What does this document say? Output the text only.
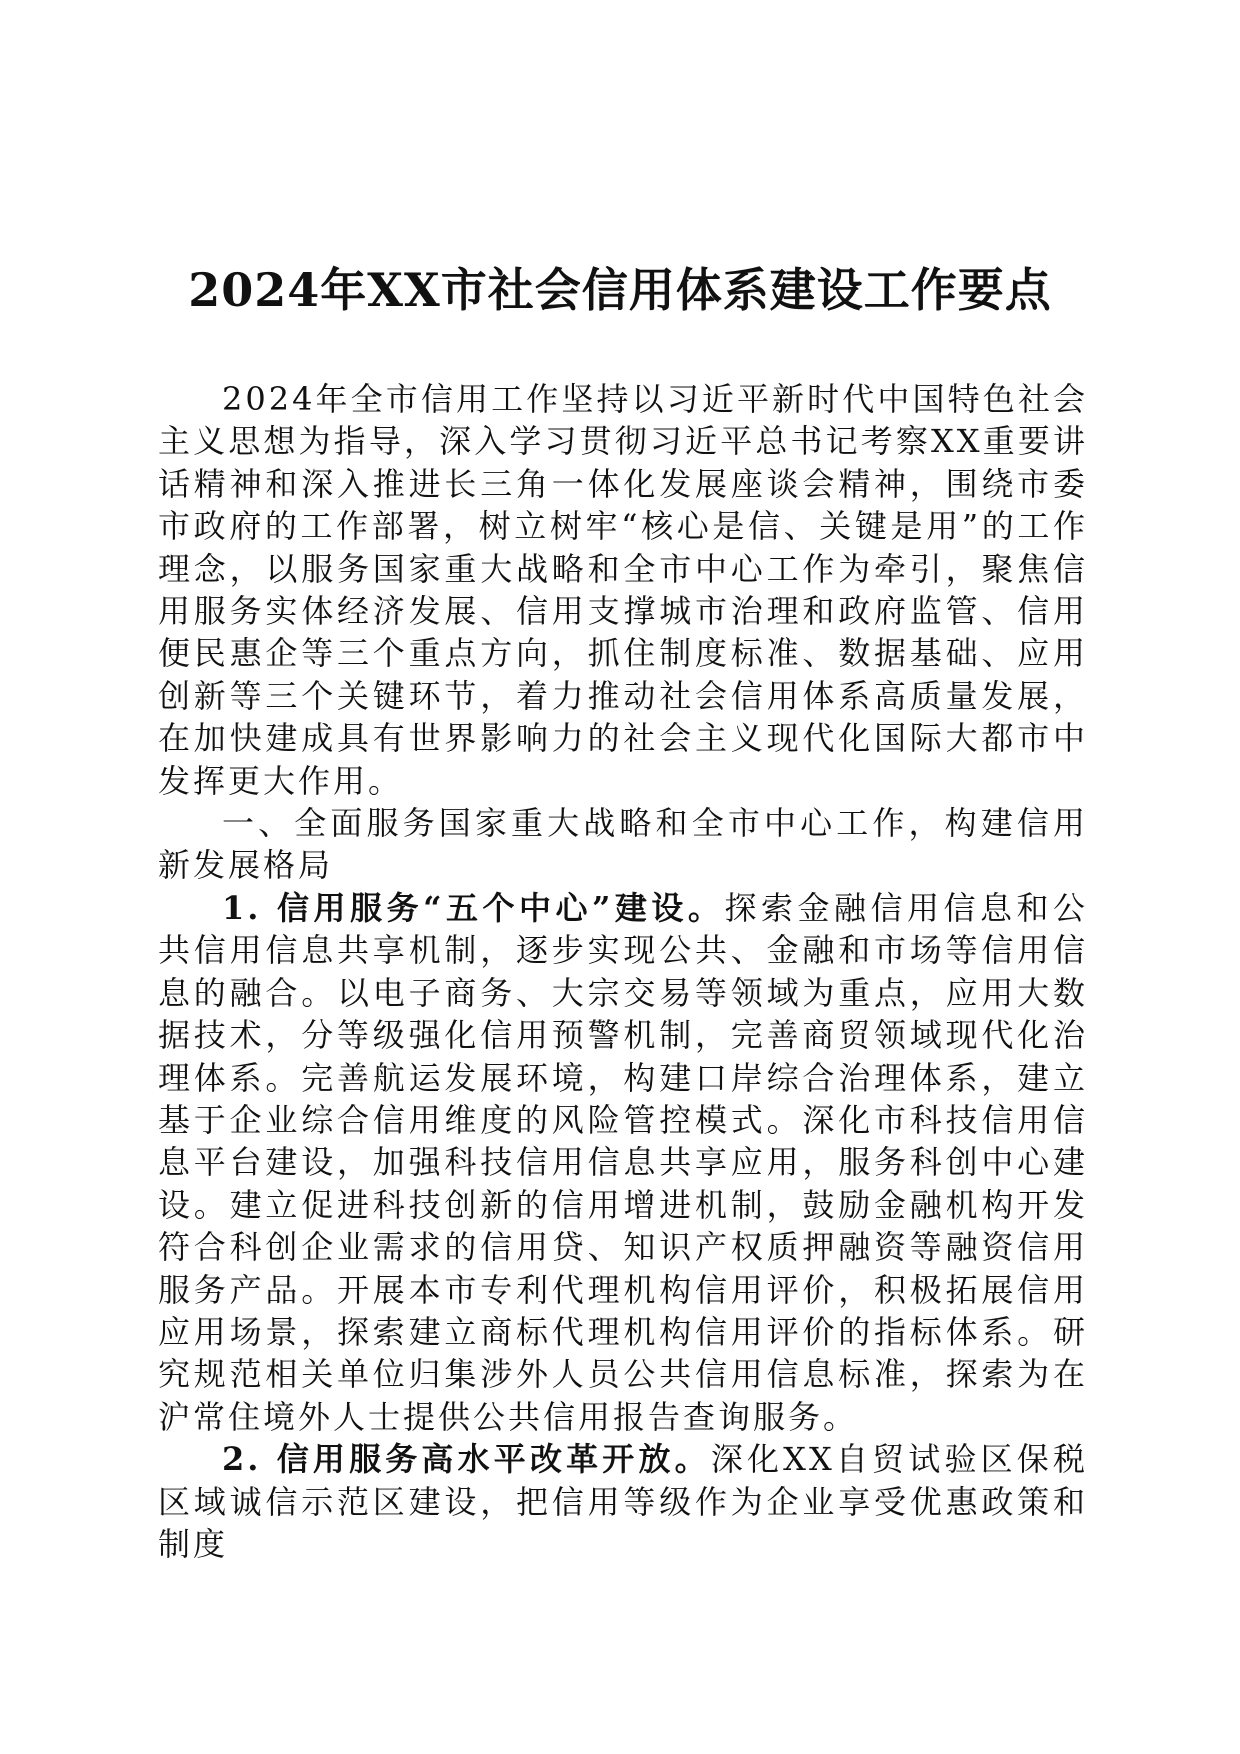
2024年XX市社会信用体系建设工作要点

2024年全市信用工作坚持以习近平新时代中国特色社会主义思想为指导，深入学习贯彻习近平总书记考察XX重要讲话精神和深入推进长三角一体化发展座谈会精神，围绕市委市政府的工作部署，树立树牢“核心是信、关键是用”的工作理念，以服务国家重大战略和全市中心工作为牵引，聚焦信用服务实体经济发展、信用支撑城市治理和政府监管、信用便民惠企等三个重点方向，抓住制度标准、数据基础、应用创新等三个关键环节，着力推动社会信用体系高质量发展，在加快建成具有世界影响力的社会主义现代化国际大都市中发挥更大作用。

一、全面服务国家重大战略和全市中心工作，构建信用新发展格局

1. 信用服务“五个中心”建设。探索金融信用信息和公共信用信息共享机制，逐步实现公共、金融和市场等信用信息的融合。以电子商务、大宗交易等领域为重点，应用大数据技术，分等级强化信用预警机制，完善商贸领域现代化治理体系。完善航运发展环境，构建口岸综合治理体系，建立基于企业综合信用维度的风险管控模式。深化市科技信用信息平台建设，加强科技信用信息共享应用，服务科创中心建设。建立促进科技创新的信用增进机制，鼓励金融机构开发符合科创企业需求的信用贷、知识产权质押融资等融资信用服务产品。开展本市专利代理机构信用评价，积极拓展信用应用场景，探索建立商标代理机构信用评价的指标体系。研究规范相关单位归集涉外人员公共信用信息标准，探索为在沪常住境外人士提供公共信用报告查询服务。

2. 信用服务高水平改革开放。深化XX自贸试验区保税区域诚信示范区建设，把信用等级作为企业享受优惠政策和制度
